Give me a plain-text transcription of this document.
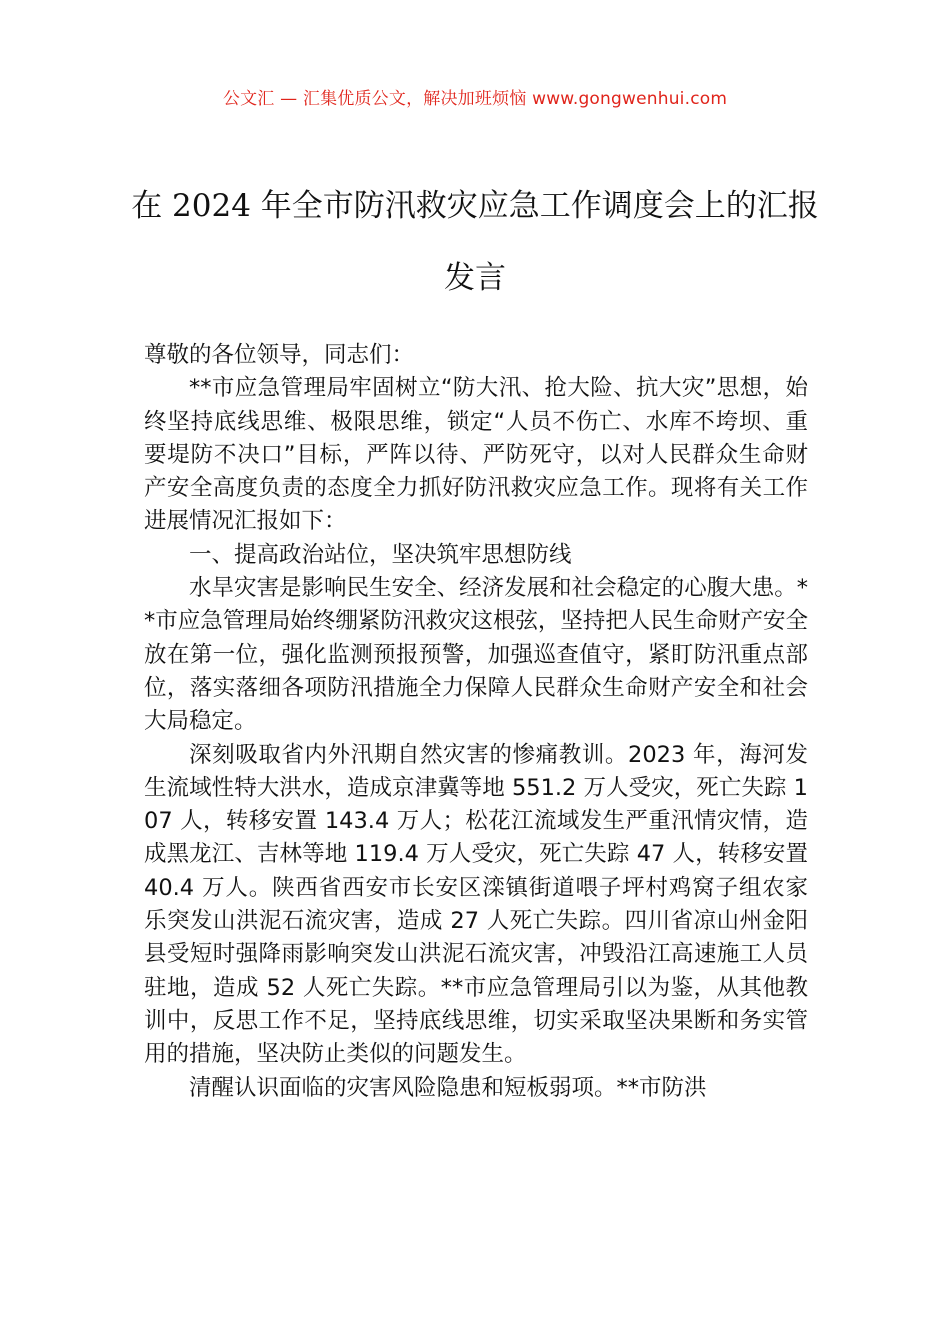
公文汇 — 汇集优质公文，解决加班烦恼 www.gongwenhui.com
在 2024 年全市防汛救灾应急工作调度会上的汇报发言

尊敬的各位领导，同志们：

**市应急管理局牢固树立“防大汛、抢大险、抗大灾”思想，始终坚持底线思维、极限思维，锁定“人员不伤亡、水库不垮坝、重要堤防不决口”目标，严阵以待、严防死守，以对人民群众生命财产安全高度负责的态度全力抓好防汛救灾应急工作。现将有关工作进展情况汇报如下：

一、提高政治站位，坚决筑牢思想防线

水旱灾害是影响民生安全、经济发展和社会稳定的心腹大患。**市应急管理局始终绷紧防汛救灾这根弦，坚持把人民生命财产安全放在第一位，强化监测预报预警，加强巡查值守，紧盯防汛重点部位，落实落细各项防汛措施全力保障人民群众生命财产安全和社会大局稳定。

深刻吸取省内外汛期自然灾害的惨痛教训。2023 年，海河发生流域性特大洪水，造成京津冀等地 551.2 万人受灾，死亡失踪 107 人，转移安置 143.4 万人；松花江流域发生严重汛情灾情，造成黑龙江、吉林等地 119.4 万人受灾，死亡失踪 47 人，转移安置 40.4 万人。陕西省西安市长安区滦镇街道喂子坪村鸡窝子组农家乐突发山洪泥石流灾害，造成 27 人死亡失踪。四川省凉山州金阳县受短时强降雨影响突发山洪泥石流灾害，冲毁沿江高速施工人员驻地，造成 52 人死亡失踪。**市应急管理局引以为鉴，从其他教训中，反思工作不足，坚持底线思维，切实采取坚决果断和务实管用的措施，坚决防止类似的问题发生。

清醒认识面临的灾害风险隐患和短板弱项。**市防洪
